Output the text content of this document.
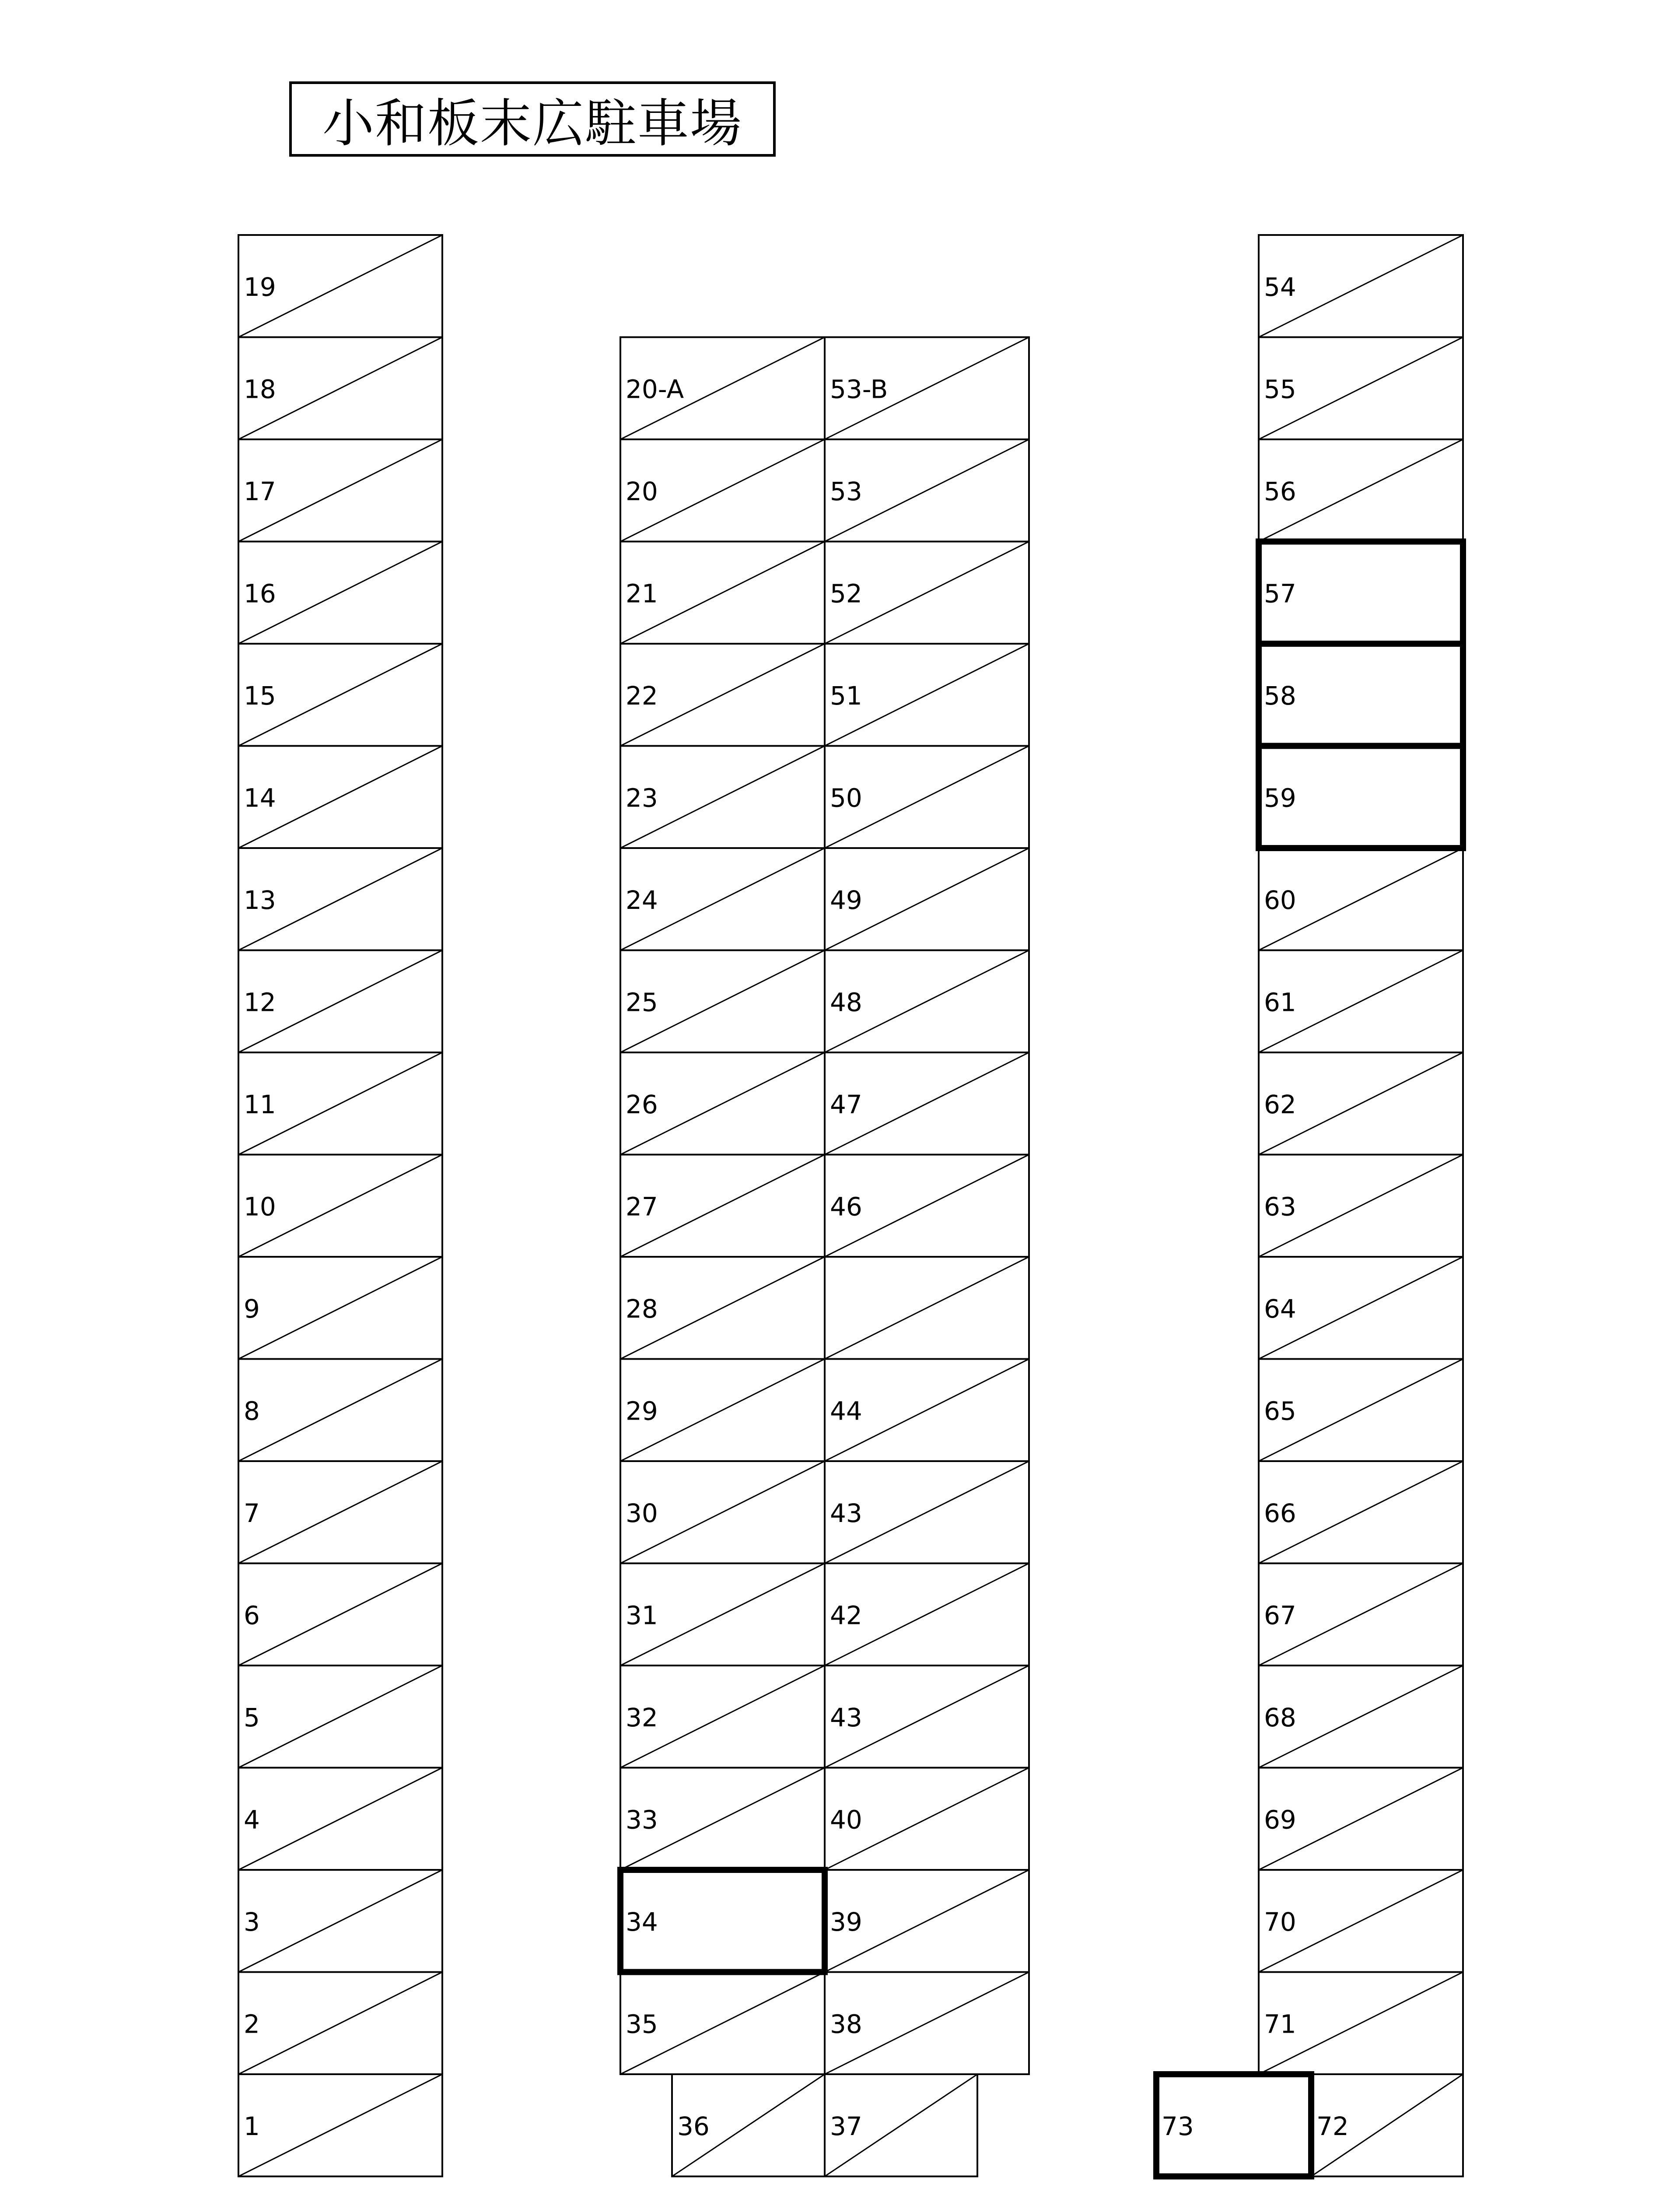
小和板末広駐車場
19
18
17
16
15
14
13
12
11
10
9
8
7
6
5
4
3
2
1
20-A
20
21
22
23
24
25
26
27
28
29
30
31
32
33
34
35
53-B
53
52
51
50
49
48
47
46
44
43
42
43
40
39
38
36	37
54
55
56
57
58
59
60
61
62
63
64
65
66
67
68
69
70
71
72
73
